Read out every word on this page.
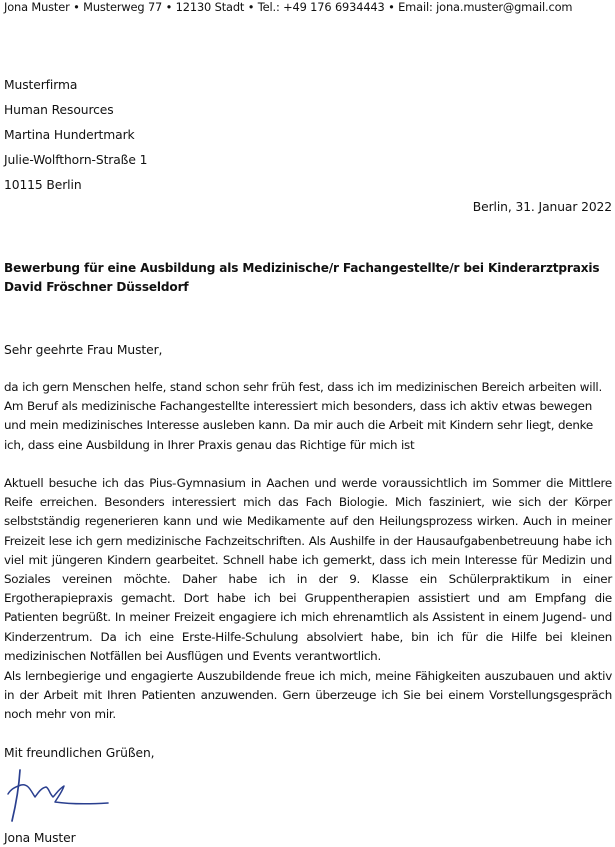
Jona Muster • Musterweg 77 • 12130 Stadt • Tel.: +49 176 6934443 • Email: jona.muster@gmail.com
Musterfirma
Human Resources
Martina Hundertmark
Julie-Wolfthorn-Straße 1
10115 Berlin
Berlin, 31. Januar 2022
Bewerbung für eine Ausbildung als Medizinische/r Fachangestellte/r bei Kinderarztpraxis David Fröschner Düsseldorf
Sehr geehrte Frau Muster,
da ich gern Menschen helfe, stand schon sehr früh fest, dass ich im medizinischen Bereich arbeiten will. Am Beruf als medizinische Fachangestellte interessiert mich besonders, dass ich aktiv etwas bewegen und mein medizinisches Interesse ausleben kann. Da mir auch die Arbeit mit Kindern sehr liegt, denke ich, dass eine Ausbildung in Ihrer Praxis genau das Richtige für mich ist
Aktuell besuche ich das Pius-Gymnasium in Aachen und werde voraussichtlich im Sommer die Mittlere Reife erreichen. Besonders interessiert mich das Fach Biologie. Mich fasziniert, wie sich der Körper selbstständig regenerieren kann und wie Medikamente auf den Heilungsprozess wirken. Auch in meiner Freizeit lese ich gern medizinische Fachzeitschriften. Als Aushilfe in der Hausaufgabenbetreuung habe ich viel mit jüngeren Kindern gearbeitet. Schnell habe ich gemerkt, dass ich mein Interesse für Medizin und Soziales vereinen möchte. Daher habe ich in der 9. Klasse ein Schülerpraktikum in einer Ergotherapiepraxis gemacht. Dort habe ich bei Gruppentherapien assistiert und am Empfang die Patienten begrüßt. In meiner Freizeit engagiere ich mich ehrenamtlich als Assistent in einem Jugend- und Kinderzentrum. Da ich eine Erste-Hilfe-Schulung absolviert habe, bin ich für die Hilfe bei kleinen medizinischen Notfällen bei Ausflügen und Events verantwortlich.
Als lernbegierige und engagierte Auszubildende freue ich mich, meine Fähigkeiten auszubauen und aktiv in der Arbeit mit Ihren Patienten anzuwenden. Gern überzeuge ich Sie bei einem Vorstellungsgespräch noch mehr von mir.
Mit freundlichen Grüßen,
Jona Muster
